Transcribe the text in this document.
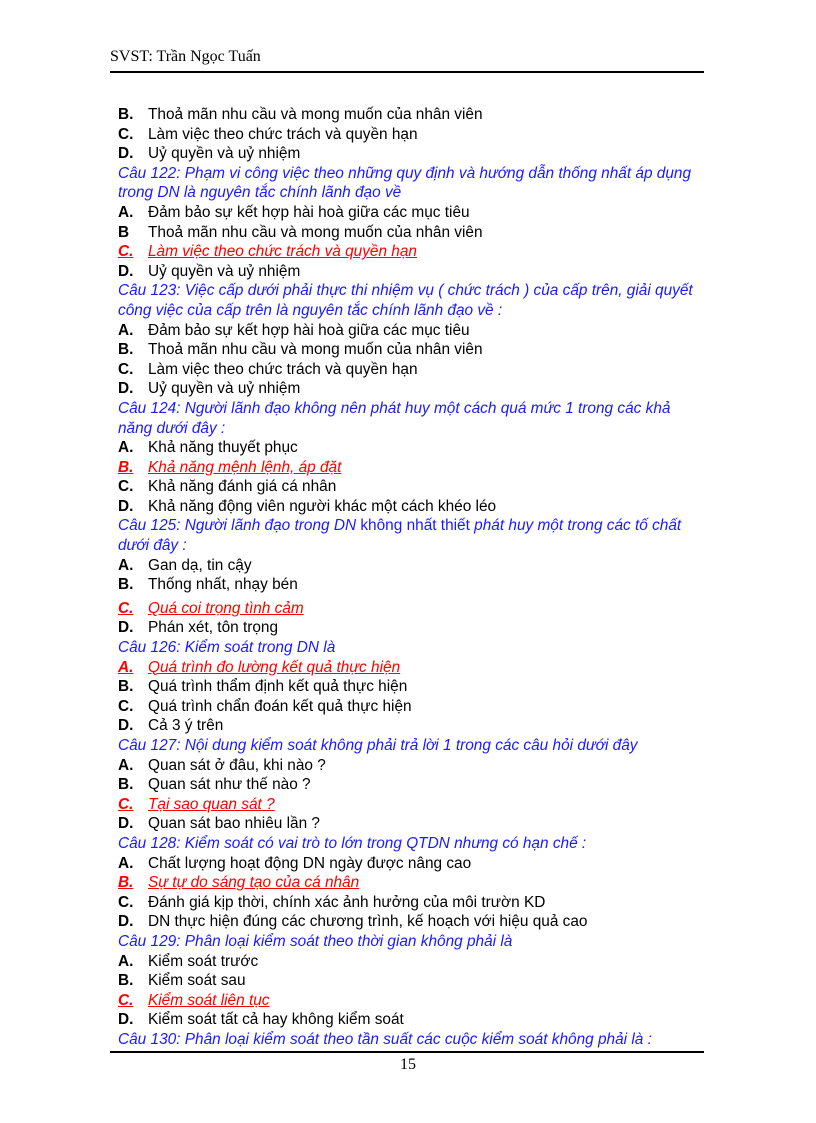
SVST: Trần Ngọc Tuấn
B. Thoả mãn nhu cầu và mong muốn của nhân viên
C. Làm việc theo chức trách và quyền hạn
D. Uỷ quyền và uỷ nhiệm
Câu 122: Phạm vi công việc theo những quy định và hướng dẫn thống nhất áp dụng trong DN là nguyên tắc chính lãnh đạo về
A. Đảm bảo sự kết hợp hài hoà giữa các mục tiêu
B Thoả mãn nhu cầu và mong muốn của nhân viên
C. Làm việc theo chức trách và quyền hạn
D. Uỷ quyền và uỷ nhiệm
Câu 123: Việc cấp dưới phải thực thi nhiệm vụ ( chức trách ) của cấp trên, giải quyết công việc của cấp trên là nguyên tắc chính lãnh đạo về :
A. Đảm bảo sự kết hợp hài hoà giữa các mục tiêu
B. Thoả mãn nhu cầu và mong muốn của nhân viên
C. Làm việc theo chức trách và quyền hạn
D. Uỷ quyền và uỷ nhiệm
Câu 124: Người lãnh đạo không nên phát huy một cách quá mức 1 trong các khả năng dưới đây :
A. Khả năng thuyết phục
B. Khả năng mệnh lệnh, áp đặt
C. Khả năng đánh giá cá nhân
D. Khả năng động viên người khác một cách khéo léo
Câu 125: Người lãnh đạo trong DN không nhất thiết phát huy một trong các tố chất dưới đây :
A. Gan dạ, tin cậy
B. Thống nhất, nhạy bén
C. Quá coi trọng tình cảm
D. Phán xét, tôn trọng
Câu 126: Kiểm soát trong DN là
A. Quá trình đo lường kết quả thực hiện
B. Quá trình thẩm định kết quả thực hiện
C. Quá trình chẩn đoán kết quả thực hiện
D. Cả 3 ý trên
Câu 127: Nội dung kiểm soát không phải trả lời 1 trong các câu hỏi dưới đây
A. Quan sát ở đâu, khi nào ?
B. Quan sát như thế nào ?
C. Tại sao quan sát ?
D. Quan sát bao nhiêu lần ?
Câu 128: Kiểm soát có vai trò to lớn trong QTDN nhưng có hạn chế :
A. Chất lượng hoạt động DN ngày được nâng cao
B. Sự tự do sáng tạo của cá nhân
C. Đánh giá kịp thời, chính xác ảnh hưởng của môi trườn KD
D. DN thực hiện đúng các chương trình, kế hoạch với hiệu quả cao
Câu 129: Phân loại kiểm soát theo thời gian không phải là
A. Kiểm soát trước
B. Kiểm soát sau
C. Kiểm soát liên tục
D. Kiểm soát tất cả hay không kiểm soát
Câu 130: Phân loại kiểm soát theo tần suất các cuộc kiểm soát không phải là :
15
